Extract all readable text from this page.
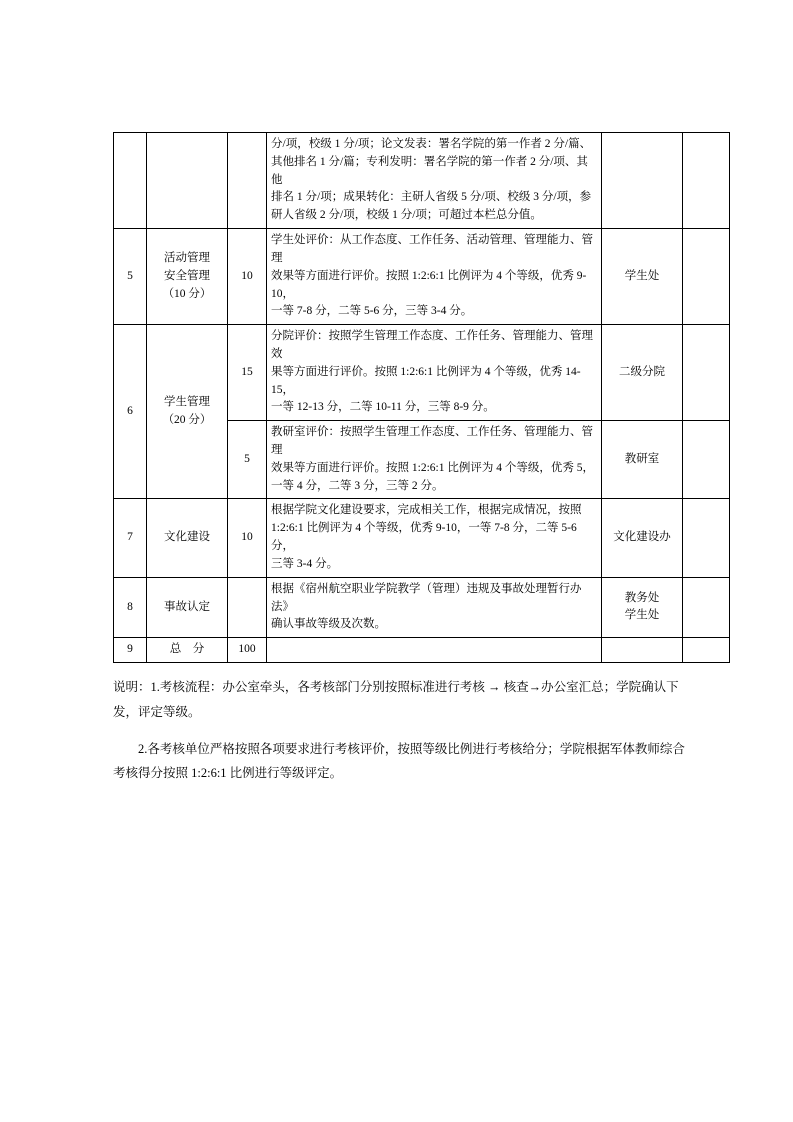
			分/项，校级 1 分/项；论文发表：署名学院的第一作者 2 分/篇、
其他排名 1 分/篇；专利发明：署名学院的第一作者 2 分/项、其他
排名 1 分/项；成果转化：主研人省级 5 分/项、校级 3 分/项，参
研人省级 2 分/项，校级 1 分/项；可超过本栏总分值。		

5	活动管理
安全管理
（10 分）	10	学生处评价：从工作态度、工作任务、活动管理、管理能力、管理
效果等方面进行评价。按照 1:2:6:1 比例评为 4 个等级，优秀 9-10，
一等 7-8 分，二等 5-6 分，三等 3-4 分。	学生处	
6	学生管理
（20 分）	15	分院评价：按照学生管理工作态度、工作任务、管理能力、管理效
果等方面进行评价。按照 1:2:6:1 比例评为 4 个等级，优秀 14-15，
一等 12-13 分，二等 10-11 分，三等 8-9 分。	二级分院	
		5	教研室评价：按照学生管理工作态度、工作任务、管理能力、管理
效果等方面进行评价。按照 1:2:6:1 比例评为 4 个等级，优秀 5，
一等 4 分，二等 3 分，三等 2 分。	教研室	
7	文化建设	10	根据学院文化建设要求，完成相关工作，根据完成情况，按照
1:2:6:1 比例评为 4 个等级，优秀 9-10，一等 7-8 分，二等 5-6 分，
三等 3-4 分。	文化建设办	
8	事故认定		根据《宿州航空职业学院教学（管理）违规及事故处理暂行办法》
确认事故等级及次数。	教务处
学生处	

9	总　分	100			

说明：1.考核流程：办公室牵头，各考核部门分别按照标准进行考核 → 核查→办公室汇总；学院确认下发，评定等级。

2.各考核单位严格按照各项要求进行考核评价，按照等级比例进行考核给分；学院根据军体教师综合考核得分按照 1:2:6:1 比例进行等级评定。
